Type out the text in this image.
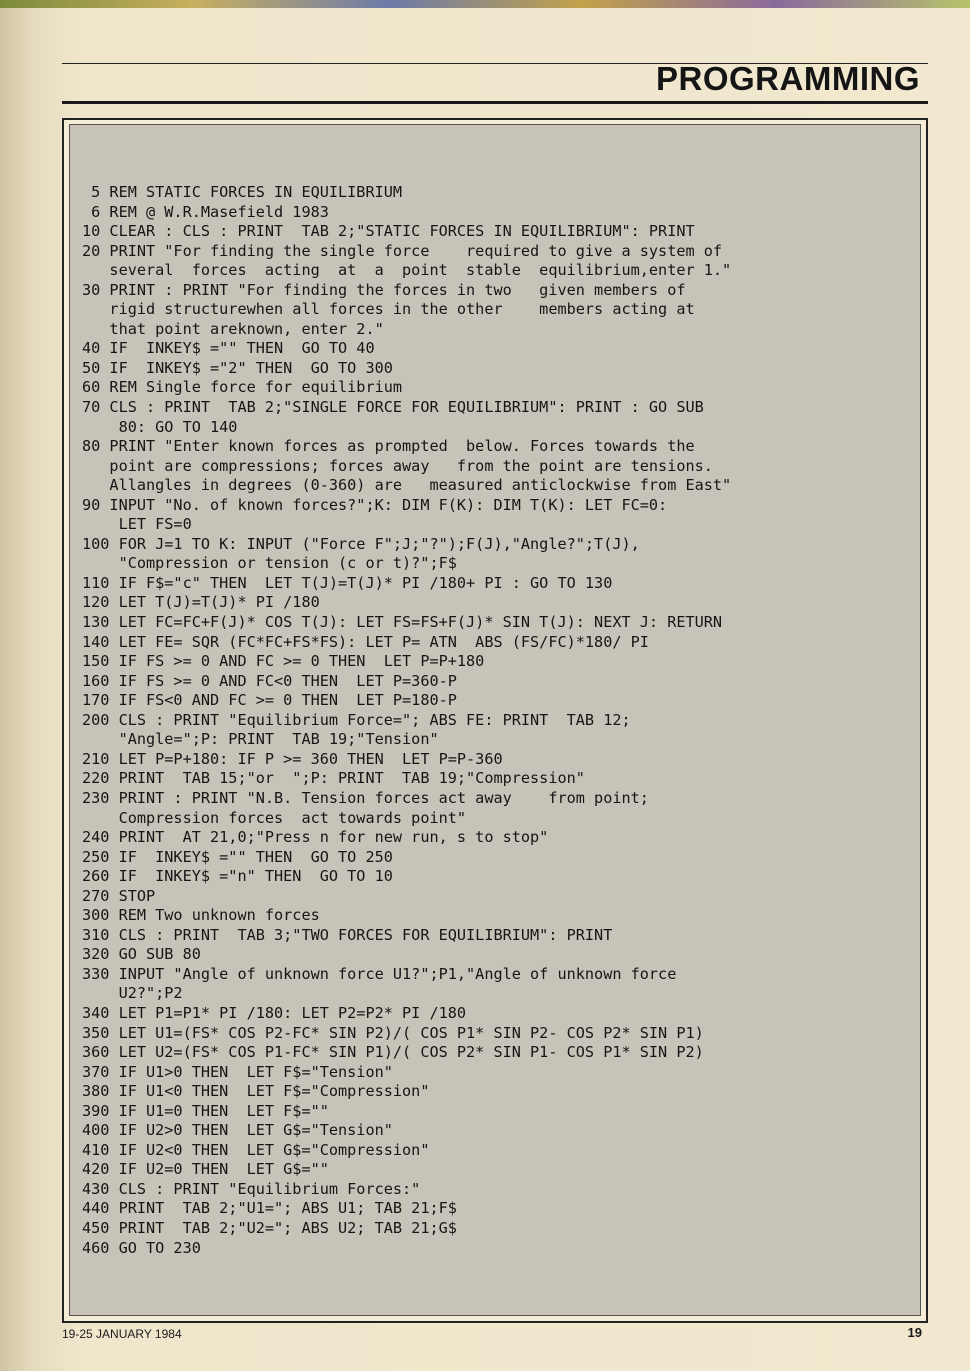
PROGRAMMING
5 REM STATIC FORCES IN EQUILIBRIUM
6 REM @ W.R.Masefield 1983
10 CLEAR : CLS : PRINT  TAB 2;"STATIC FORCES IN EQUILIBRIUM": PRINT
20 PRINT "For finding the single force    required to give a system of
several  forces  acting  at  a  point  stable  equilibrium,enter 1."
30 PRINT : PRINT "For finding the forces in two   given members of
rigid structurewhen all forces in the other    members acting at
that point areknown, enter 2."
40 IF  INKEY$ ="" THEN  GO TO 40
50 IF  INKEY$ ="2" THEN  GO TO 300
60 REM Single force for equilibrium
70 CLS : PRINT  TAB 2;"SINGLE FORCE FOR EQUILIBRIUM": PRINT : GO SUB
80: GO TO 140
80 PRINT "Enter known forces as prompted  below. Forces towards the
point are compressions; forces away   from the point are tensions.
Allangles in degrees (0-360) are   measured anticlockwise from East"
90 INPUT "No. of known forces?";K: DIM F(K): DIM T(K): LET FC=0:
LET FS=0
100 FOR J=1 TO K: INPUT ("Force F";J;"?");F(J),"Angle?";T(J),
"Compression or tension (c or t)?";F$
110 IF F$="c" THEN  LET T(J)=T(J)* PI /180+ PI : GO TO 130
120 LET T(J)=T(J)* PI /180
130 LET FC=FC+F(J)* COS T(J): LET FS=FS+F(J)* SIN T(J): NEXT J: RETURN
140 LET FE= SQR (FC*FC+FS*FS): LET P= ATN  ABS (FS/FC)*180/ PI
150 IF FS >= 0 AND FC >= 0 THEN  LET P=P+180
160 IF FS >= 0 AND FC<0 THEN  LET P=360-P
170 IF FS<0 AND FC >= 0 THEN  LET P=180-P
200 CLS : PRINT "Equilibrium Force="; ABS FE: PRINT  TAB 12;
"Angle=";P: PRINT  TAB 19;"Tension"
210 LET P=P+180: IF P >= 360 THEN  LET P=P-360
220 PRINT  TAB 15;"or  ";P: PRINT  TAB 19;"Compression"
230 PRINT : PRINT "N.B. Tension forces act away    from point;
Compression forces  act towards point"
240 PRINT  AT 21,0;"Press n for new run, s to stop"
250 IF  INKEY$ ="" THEN  GO TO 250
260 IF  INKEY$ ="n" THEN  GO TO 10
270 STOP
300 REM Two unknown forces
310 CLS : PRINT  TAB 3;"TWO FORCES FOR EQUILIBRIUM": PRINT
320 GO SUB 80
330 INPUT "Angle of unknown force U1?";P1,"Angle of unknown force
U2?";P2
340 LET P1=P1* PI /180: LET P2=P2* PI /180
350 LET U1=(FS* COS P2-FC* SIN P2)/( COS P1* SIN P2- COS P2* SIN P1)
360 LET U2=(FS* COS P1-FC* SIN P1)/( COS P2* SIN P1- COS P1* SIN P2)
370 IF U1>0 THEN  LET F$="Tension"
380 IF U1<0 THEN  LET F$="Compression"
390 IF U1=0 THEN  LET F$=""
400 IF U2>0 THEN  LET G$="Tension"
410 IF U2<0 THEN  LET G$="Compression"
420 IF U2=0 THEN  LET G$=""
430 CLS : PRINT "Equilibrium Forces:"
440 PRINT  TAB 2;"U1="; ABS U1; TAB 21;F$
450 PRINT  TAB 2;"U2="; ABS U2; TAB 21;G$
460 GO TO 230
19-25 JANUARY 1984	19
